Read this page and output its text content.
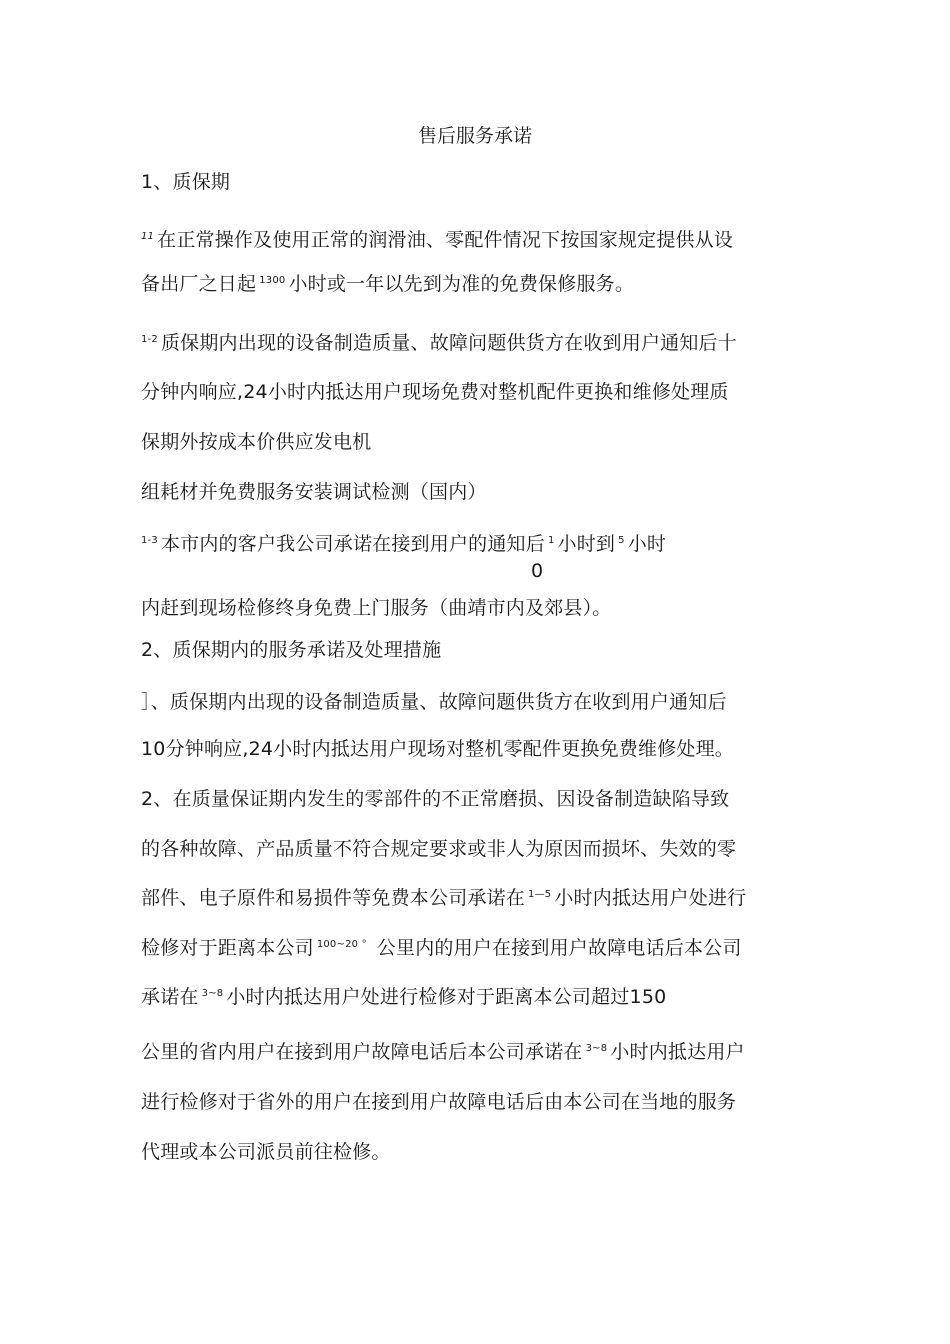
售后服务承诺
1、质保期
$^{11}$ 在正常操作及使用正常的润滑油、零配件情况下按国家规定提供从设
备出厂之日起 $^{1300}$ 小时或一年以先到为准的免费保修服务。
$^{1-2}$ 质保期内出现的设备制造质量、故障问题供货方在收到用户通知后十
分钟内响应,24小时内抵达用户现场免费对整机配件更换和维修处理质
保期外按成本价供应发电机
组耗材并免费服务安装调试检测（国内）
$^{1-3}$ 本市内的客户我公司承诺在接到用户的通知后 $^1$ 小时到 $^5$ 小时
0
内赶到现场检修终身免费上门服务（曲靖市内及郊县）。
2、质保期内的服务承诺及处理措施
］、质保期内出现的设备制造质量、故障问题供货方在收到用户通知后
10分钟响应,24小时内抵达用户现场对整机零配件更换免费维修处理。
2、在质量保证期内发生的零部件的不正常磨损、因设备制造缺陷导致
的各种故障、产品质量不符合规定要求或非人为原因而损坏、失效的零
部件、电子原件和易损件等免费本公司承诺在 $^{1—5}$ 小时内抵达用户处进行
检修对于距离本公司 $^{100\sim 20 ^\circ}$ 公里内的用户在接到用户故障电话后本公司
承诺在 $^{3\sim 8}$ 小时内抵达用户处进行检修对于距离本公司超过150
公里的省内用户在接到用户故障电话后本公司承诺在 $^{3\sim 8}$ 小时内抵达用户
进行检修对于省外的用户在接到用户故障电话后由本公司在当地的服务
代理或本公司派员前往检修。
